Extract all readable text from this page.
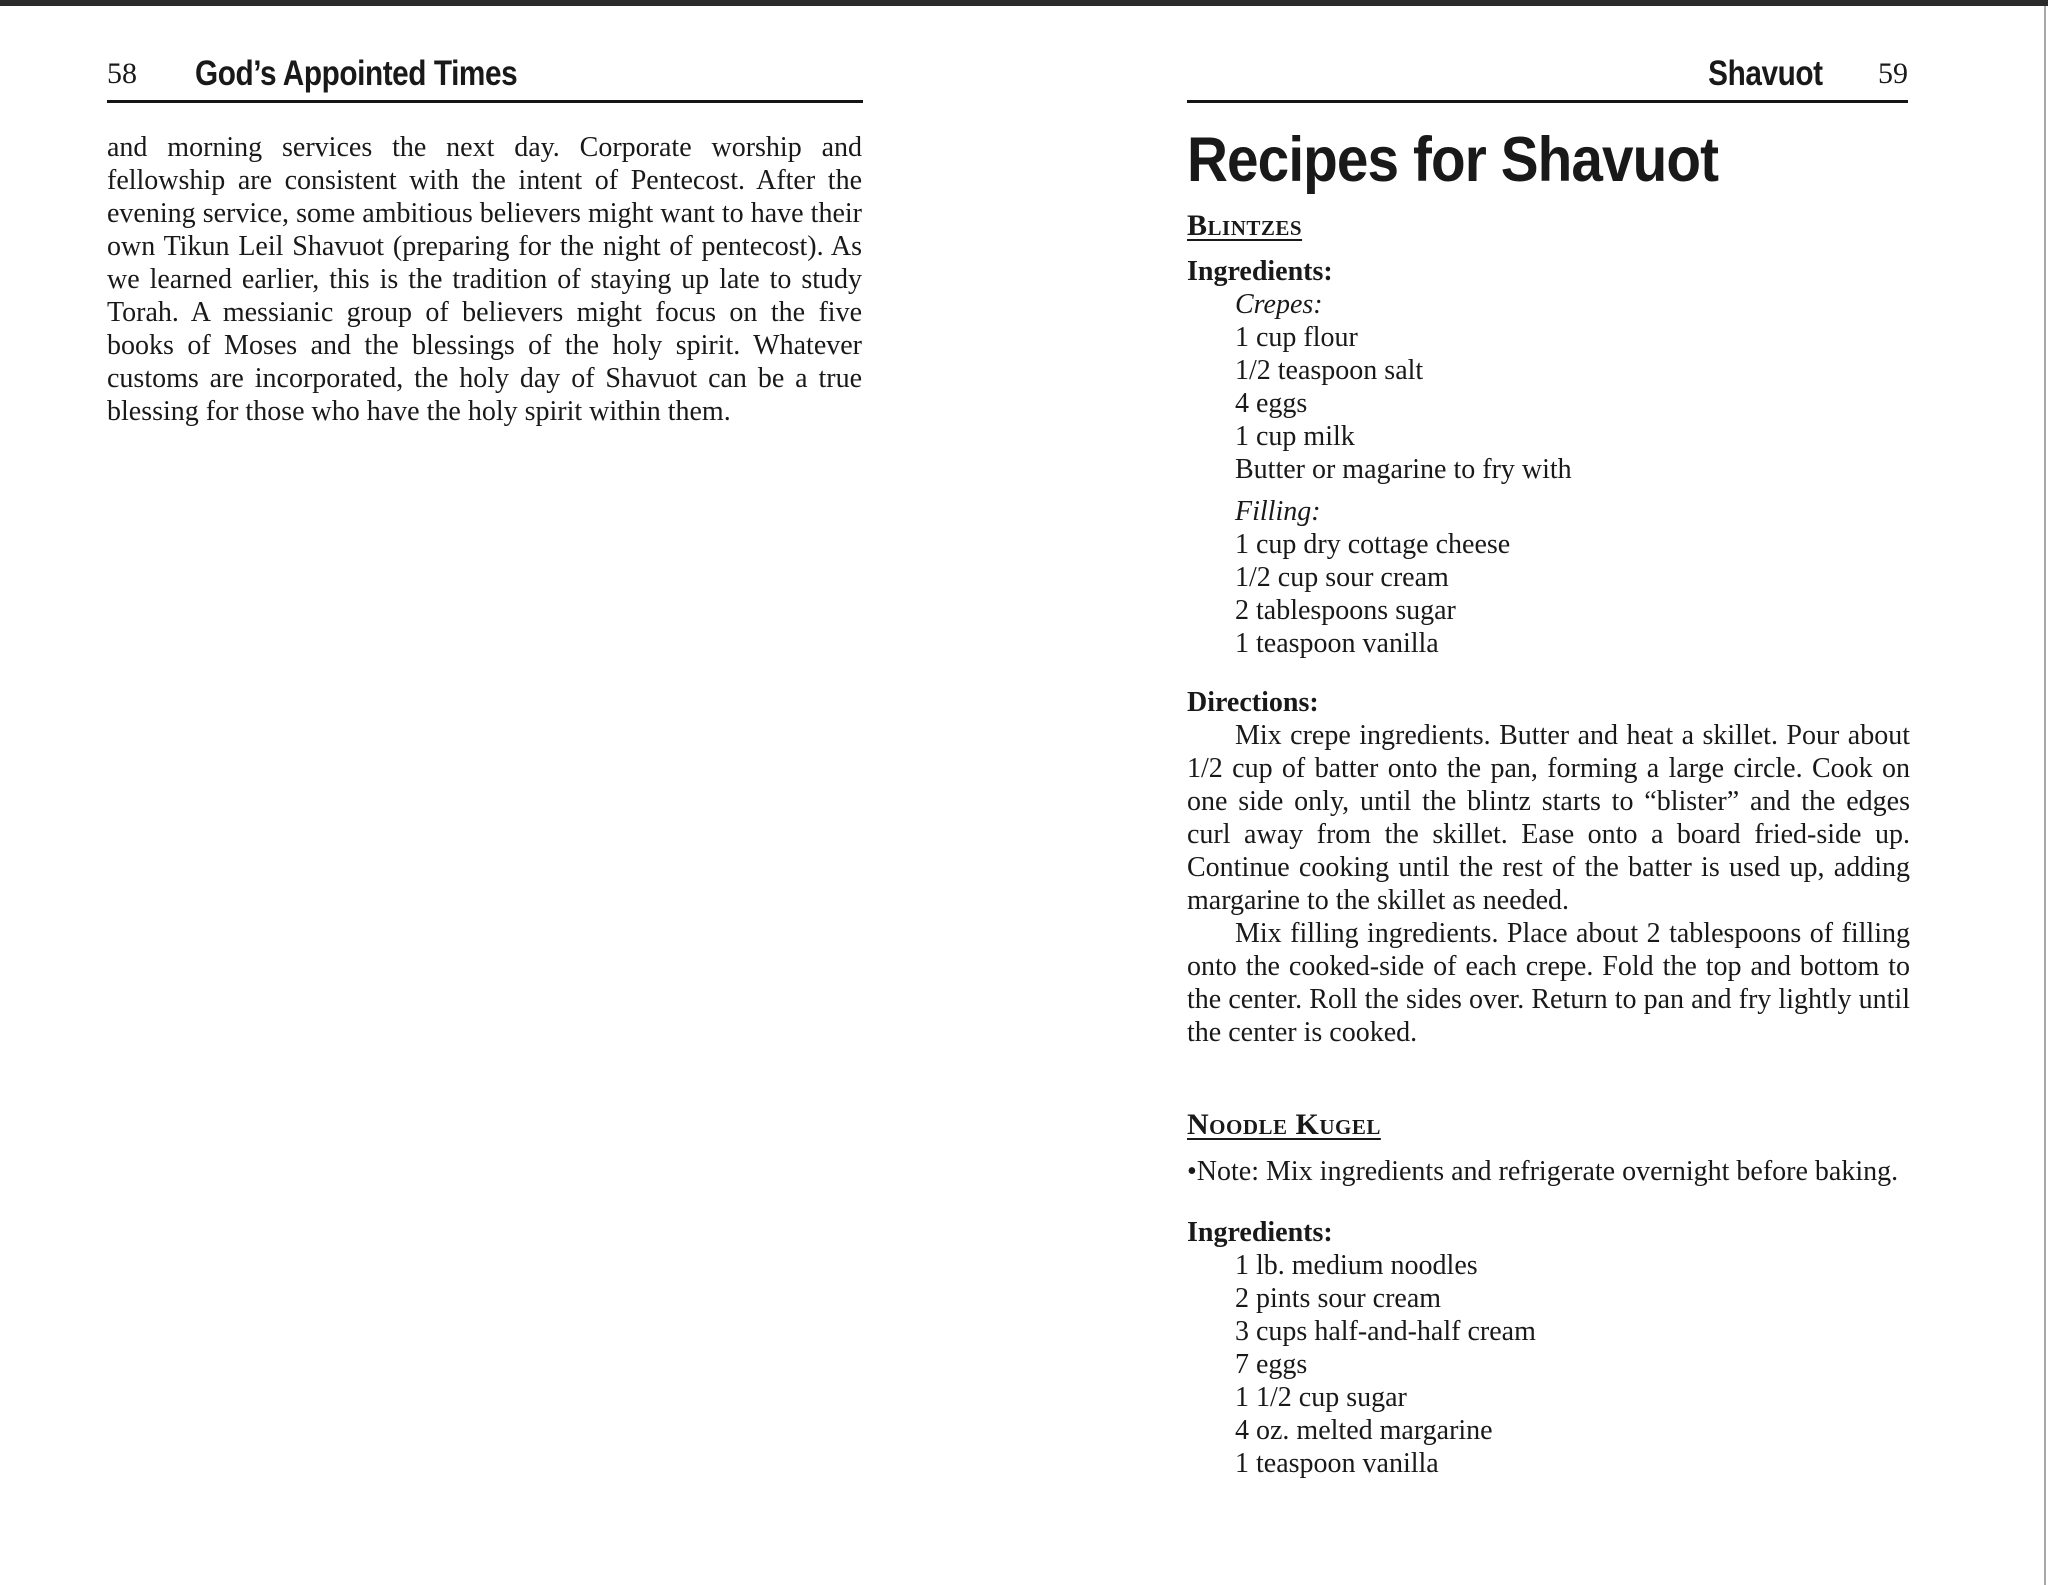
58 God’s Appointed Times
and morning services the next day. Corporate worship and fellowship are consistent with the intent of Pentecost. After the evening service, some ambitious believers might want to have their own Tikun Leil Shavuot (preparing for the night of pentecost). As we learned earlier, this is the tradition of staying up late to study Torah. A messianic group of believers might focus on the five books of Moses and the blessings of the holy spirit. Whatever customs are incorporated, the holy day of Shavuot can be a true blessing for those who have the holy spirit within them.
Shavuot 59
Recipes for Shavuot
Blintzes
Ingredients:
Crepes:
1 cup flour
1/2 teaspoon salt
4 eggs
1 cup milk
Butter or magarine to fry with
Filling:
1 cup dry cottage cheese
1/2 cup sour cream
2 tablespoons sugar
1 teaspoon vanilla
Directions:

Mix crepe ingredients. Butter and heat a skillet. Pour about 1/2 cup of batter onto the pan, forming a large circle. Cook on one side only, until the blintz starts to “blister” and the edges curl away from the skillet. Ease onto a board fried-side up. Continue cooking until the rest of the batter is used up, adding margarine to the skillet as needed.

Mix filling ingredients. Place about 2 tablespoons of filling onto the cooked-side of each crepe. Fold the top and bottom to the center. Roll the sides over. Return to pan and fry lightly until the center is cooked.

Noodle Kugel

•Note: Mix ingredients and refrigerate overnight before baking.

Ingredients:
1 lb. medium noodles
2 pints sour cream
3 cups half-and-half cream
7 eggs
1 1/2 cup sugar
4 oz. melted margarine
1 teaspoon vanilla
